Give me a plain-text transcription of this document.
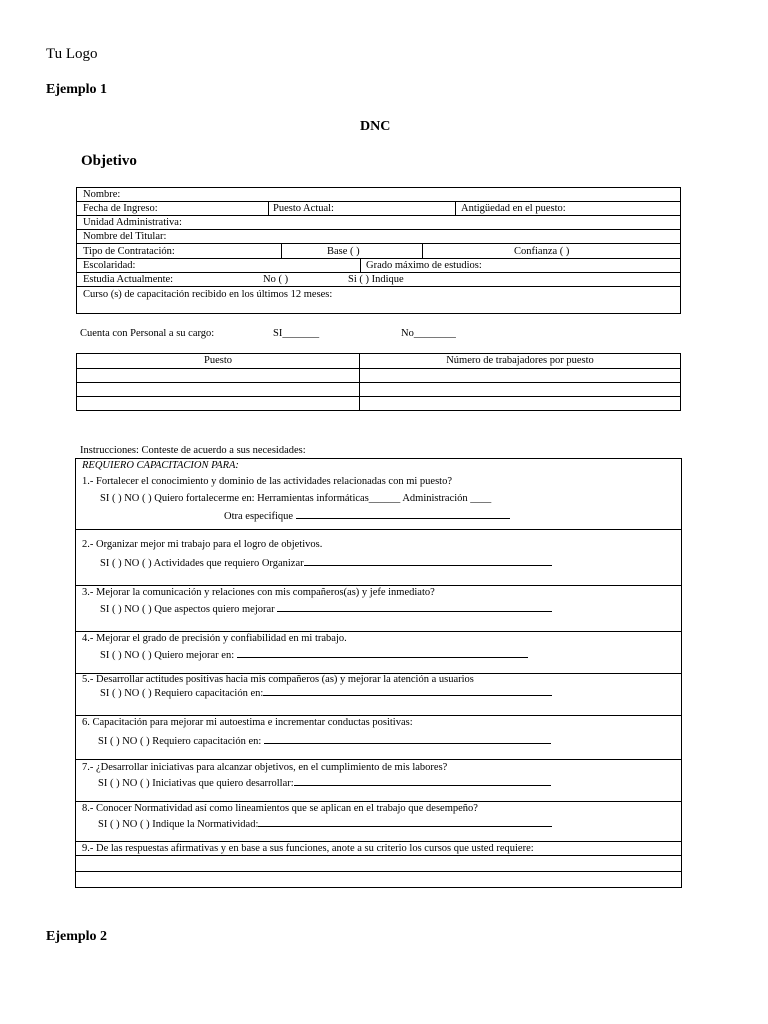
Tu Logo
Ejemplo 1
DNC
Objetivo
Nombre:
Fecha de Ingreso:	Puesto Actual:	Antigüedad en el puesto:
Unidad Administrativa:
Nombre del Titular:
Tipo de Contratación:	Base ( )	Confianza ( )
Escolaridad:	Grado máximo de estudios:
Estudia Actualmente:	No ( )	Si ( ) Indique
Curso (s) de capacitación recibido en los últimos 12 meses:
Cuenta con Personal a su cargo:	SI_______	No________
Puesto	Número de trabajadores por puesto
Instrucciones: Conteste de acuerdo a sus necesidades:
REQUIERO CAPACITACION PARA:
1.- Fortalecer el conocimiento y dominio de las actividades relacionadas con mi puesto?
SI ( ) NO ( ) Quiero fortalecerme en: Herramientas informáticas______ Administración ____
Otra especifique
2.- Organizar mejor mi trabajo para el logro de objetivos.
SI ( ) NO ( ) Actividades que requiero Organizar
3.- Mejorar la comunicación y relaciones con mis compañeros(as) y jefe inmediato?
SI ( ) NO ( ) Que aspectos quiero mejorar
4.- Mejorar el grado de precisión y confiabilidad en mi trabajo.
SI ( ) NO ( ) Quiero mejorar en:
5.- Desarrollar actitudes positivas hacia mis compañeros (as) y mejorar la atención a usuarios
SI ( ) NO ( ) Requiero capacitación en:
6. Capacitación para mejorar mi autoestima e incrementar conductas positivas:
SI ( ) NO ( ) Requiero capacitación en:
7.- ¿Desarrollar iniciativas para alcanzar objetivos, en el cumplimiento de mis labores?
SI ( ) NO ( ) Iniciativas que quiero desarrollar:
8.- Conocer Normatividad así como lineamientos que se aplican en el trabajo que desempeño?
SI ( ) NO ( ) Indique la Normatividad:
9.- De las respuestas afirmativas y en base a sus funciones, anote a su criterio los cursos que usted requiere:
Ejemplo 2
